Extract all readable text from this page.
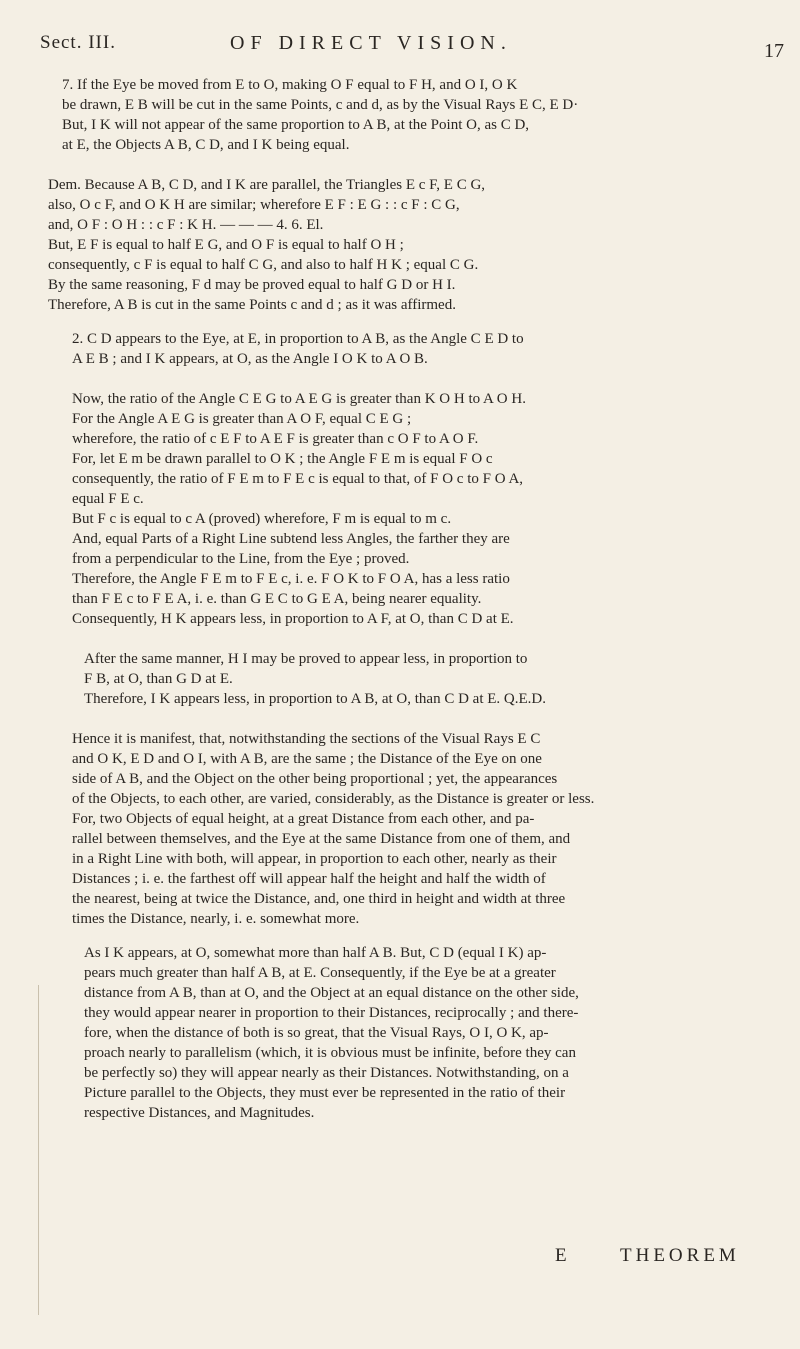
Sect. III.	OF DIRECT VISION.	17
7. If the Eye be moved from E to O, making O F equal to F H, and O I, O K
be drawn, E B will be cut in the same Points, c and d, as by the Visual Rays E C, E D·
But, I K will not appear of the same proportion to A B, at the Point O, as C D,
at E, the Objects A B, C D, and I K being equal.
Dem. Because A B, C D, and I K are parallel, the Triangles E c F, E C G,
also, O c F, and O K H are similar; wherefore E F : E G : : c F : C G,
and, O F : O H : : c F : K H. — — — 4. 6. El.
But, E F is equal to half E G, and O F is equal to half O H ;
consequently, c F is equal to half C G, and also to half H K ; equal C G.
By the same reasoning, F d may be proved equal to half G D or H I.
Therefore, A B is cut in the same Points c and d ; as it was affirmed.
2. C D appears to the Eye, at E, in proportion to A B, as the Angle C E D to
A E B ; and I K appears, at O, as the Angle I O K to A O B.
Now, the ratio of the Angle C E G to A E G is greater than K O H to A O H.
For the Angle A E G is greater than A O F, equal C E G ;
wherefore, the ratio of c E F to A E F is greater than c O F to A O F.
For, let E m be drawn parallel to O K ; the Angle F E m is equal F O c
consequently, the ratio of F E m to F E c is equal to that, of F O c to F O A,
equal F E c.
But F c is equal to c A (proved) wherefore, F m is equal to m c.
And, equal Parts of a Right Line subtend less Angles, the farther they are
from a perpendicular to the Line, from the Eye ; proved.
Therefore, the Angle F E m to F E c, i. e. F O K to F O A, has a less ratio
than F E c to F E A, i. e. than G E C to G E A, being nearer equality.
Consequently, H K appears less, in proportion to A F, at O, than C D at E.
After the same manner, H I may be proved to appear less, in proportion to
F B, at O, than G D at E.
Therefore, I K appears less, in proportion to A B, at O, than C D at E. Q.E.D.
Hence it is manifest, that, notwithstanding the sections of the Visual Rays E C
and O K, E D and O I, with A B, are the same ; the Distance of the Eye on one
side of A B, and the Object on the other being proportional ; yet, the appearances
of the Objects, to each other, are varied, considerably, as the Distance is greater or less.
For, two Objects of equal height, at a great Distance from each other, and pa-
rallel between themselves, and the Eye at the same Distance from one of them, and
in a Right Line with both, will appear, in proportion to each other, nearly as their
Distances ; i. e. the farthest off will appear half the height and half the width of
the nearest, being at twice the Distance, and, one third in height and width at three
times the Distance, nearly, i. e. somewhat more.
As I K appears, at O, somewhat more than half A B. But, C D (equal I K) ap-
pears much greater than half A B, at E. Consequently, if the Eye be at a greater
distance from A B, than at O, and the Object at an equal distance on the other side,
they would appear nearer in proportion to their Distances, reciprocally ; and there-
fore, when the distance of both is so great, that the Visual Rays, O I, O K, ap-
proach nearly to parallelism (which, it is obvious must be infinite, before they can
be perfectly so) they will appear nearly as their Distances. Notwithstanding, on a
Picture parallel to the Objects, they must ever be represented in the ratio of their
respective Distances, and Magnitudes.
E	THEOREM
